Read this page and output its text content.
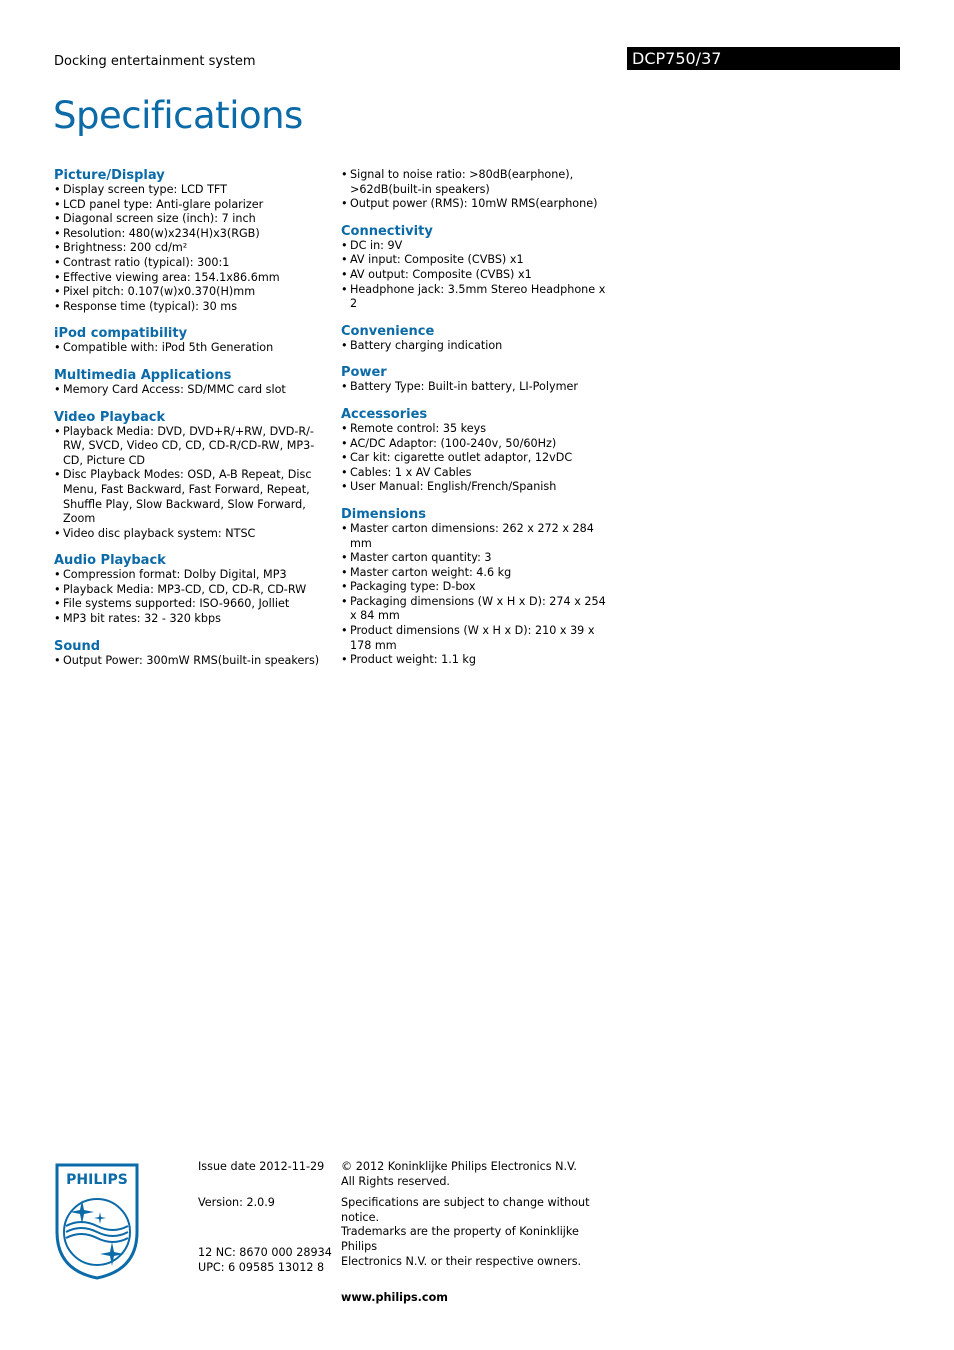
Docking entertainment system	DCP750/37
Specifications
Picture/Display
• Display screen type: LCD TFT
• LCD panel type: Anti-glare polarizer
• Diagonal screen size (inch): 7 inch
• Resolution: 480(w)x234(H)x3(RGB)
• Brightness: 200 cd/m²
• Contrast ratio (typical): 300:1
• Effective viewing area: 154.1x86.6mm
• Pixel pitch: 0.107(w)x0.370(H)mm
• Response time (typical): 30 ms
iPod compatibility
• Compatible with: iPod 5th Generation
Multimedia Applications
• Memory Card Access: SD/MMC card slot
Video Playback
• Playback Media: DVD, DVD+R/+RW, DVD-R/-RW, SVCD, Video CD, CD, CD-R/CD-RW, MP3-CD, Picture CD
• Disc Playback Modes: OSD, A-B Repeat, Disc Menu, Fast Backward, Fast Forward, Repeat, Shuffle Play, Slow Backward, Slow Forward, Zoom
• Video disc playback system: NTSC
Audio Playback
• Compression format: Dolby Digital, MP3
• Playback Media: MP3-CD, CD, CD-R, CD-RW
• File systems supported: ISO-9660, Jolliet
• MP3 bit rates: 32 - 320 kbps
Sound
• Output Power: 300mW RMS(built-in speakers)
• Signal to noise ratio: >80dB(earphone), >62dB(built-in speakers)
• Output power (RMS): 10mW RMS(earphone)
Connectivity
• DC in: 9V
• AV input: Composite (CVBS) x1
• AV output: Composite (CVBS) x1
• Headphone jack: 3.5mm Stereo Headphone x 2
Convenience
• Battery charging indication
Power
• Battery Type: Built-in battery, LI-Polymer
Accessories
• Remote control: 35 keys
• AC/DC Adaptor: (100-240v, 50/60Hz)
• Car kit: cigarette outlet adaptor, 12vDC
• Cables: 1 x AV Cables
• User Manual: English/French/Spanish
Dimensions
• Master carton dimensions: 262 x 272 x 284 mm
• Master carton quantity: 3
• Master carton weight: 4.6 kg
• Packaging type: D-box
• Packaging dimensions (W x H x D): 274 x 254 x 84 mm
• Product dimensions (W x H x D): 210 x 39 x 178 mm
• Product weight: 1.1 kg
PHILIPS
Issue date 2012-11-29
Version: 2.0.9
12 NC: 8670 000 28934
UPC: 6 09585 13012 8
© 2012 Koninklijke Philips Electronics N.V.
All Rights reserved.
Specifications are subject to change without notice.
Trademarks are the property of Koninklijke Philips
Electronics N.V. or their respective owners.
www.philips.com
